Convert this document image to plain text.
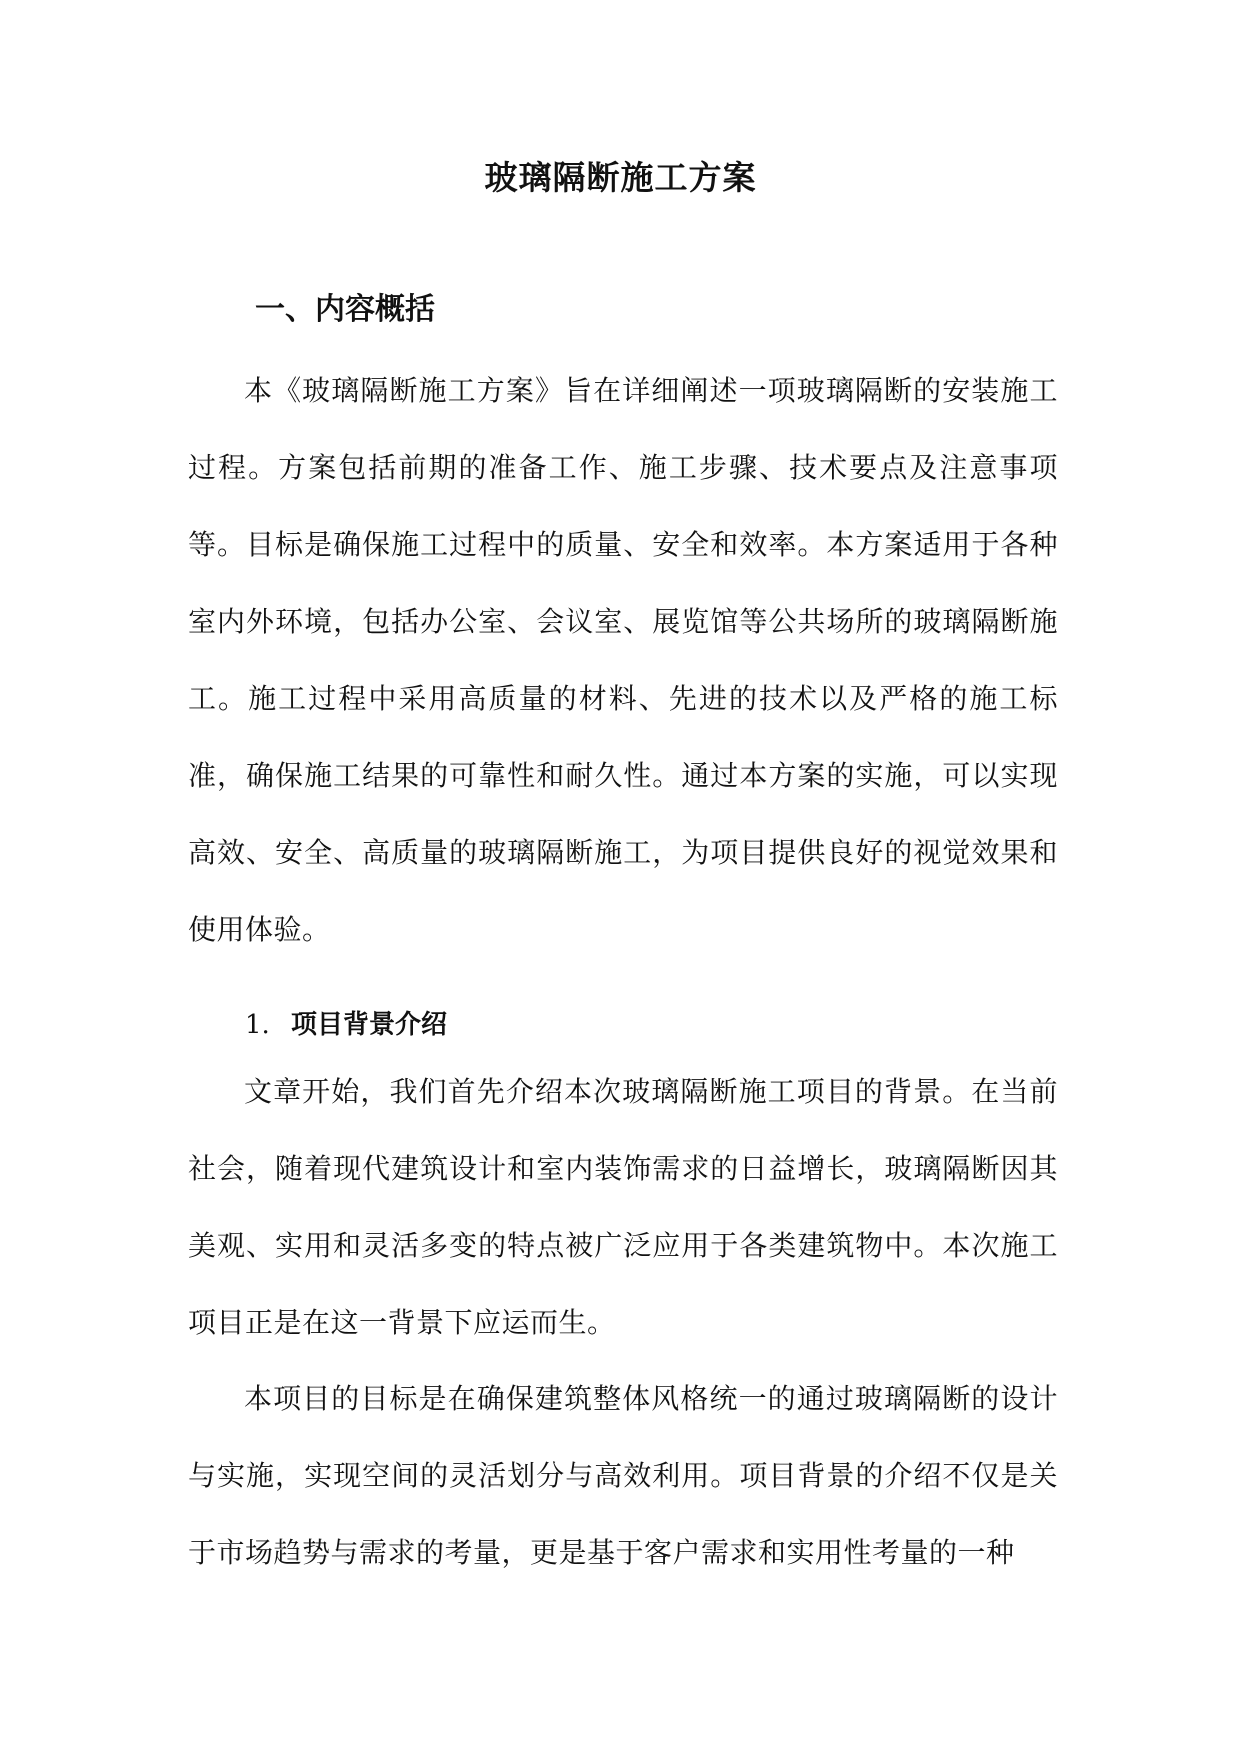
玻璃隔断施工方案
一、内容概括

本《玻璃隔断施工方案》旨在详细阐述一项玻璃隔断的安装施工过程。方案包括前期的准备工作、施工步骤、技术要点及注意事项等。目标是确保施工过程中的质量、安全和效率。本方案适用于各种室内外环境，包括办公室、会议室、展览馆等公共场所的玻璃隔断施工。施工过程中采用高质量的材料、先进的技术以及严格的施工标准，确保施工结果的可靠性和耐久性。通过本方案的实施，可以实现高效、安全、高质量的玻璃隔断施工，为项目提供良好的视觉效果和使用体验。

1. 项目背景介绍

文章开始，我们首先介绍本次玻璃隔断施工项目的背景。在当前社会，随着现代建筑设计和室内装饰需求的日益增长，玻璃隔断因其美观、实用和灵活多变的特点被广泛应用于各类建筑物中。本次施工项目正是在这一背景下应运而生。

本项目的目标是在确保建筑整体风格统一的通过玻璃隔断的设计与实施，实现空间的灵活划分与高效利用。项目背景的介绍不仅是关于市场趋势与需求的考量，更是基于客户需求和实用性考量的一种
